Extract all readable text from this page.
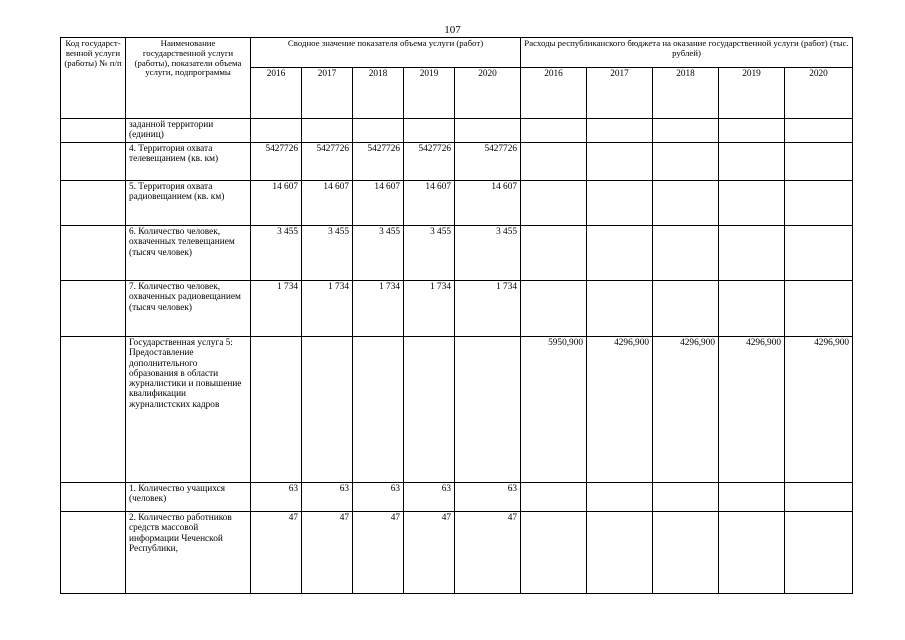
107
Код государст-венной услуги (работы) № п/п	Наименование государственной услуги (работы), показатели объема услуги, подпрограммы	Сводное значение показателя объема услуги (работ)					Расходы республиканского бюджета на оказание государственной услуги (работ) (тыс. рублей)				
		2016	2017	2018	2019	2020	2016	2017	2018	2019	2020
	заданной территории (единиц)										
	4. Территория охвата телевещанием (кв. км)	5427726	5427726	5427726	5427726	5427726					
	5. Территория охвата радиовещанием (кв. км)	14 607	14 607	14 607	14 607	14 607					
	6. Количество человек, охваченных телевещанием (тысяч человек)	3 455	3 455	3 455	3 455	3 455					
	7. Количество человек, охваченных радиовещанием (тысяч человек)	1 734	1 734	1 734	1 734	1 734					
	Государственная услуга 5: Предоставление дополнительного образования в области журналистики и повышение квалификации журналистских кадров						5950,900	4296,900	4296,900	4296,900	4296,900
	1. Количество учащихся (человек)	63	63	63	63	63					
	2. Количество работников средств массовой информации Чеченской Республики,	47	47	47	47	47					
